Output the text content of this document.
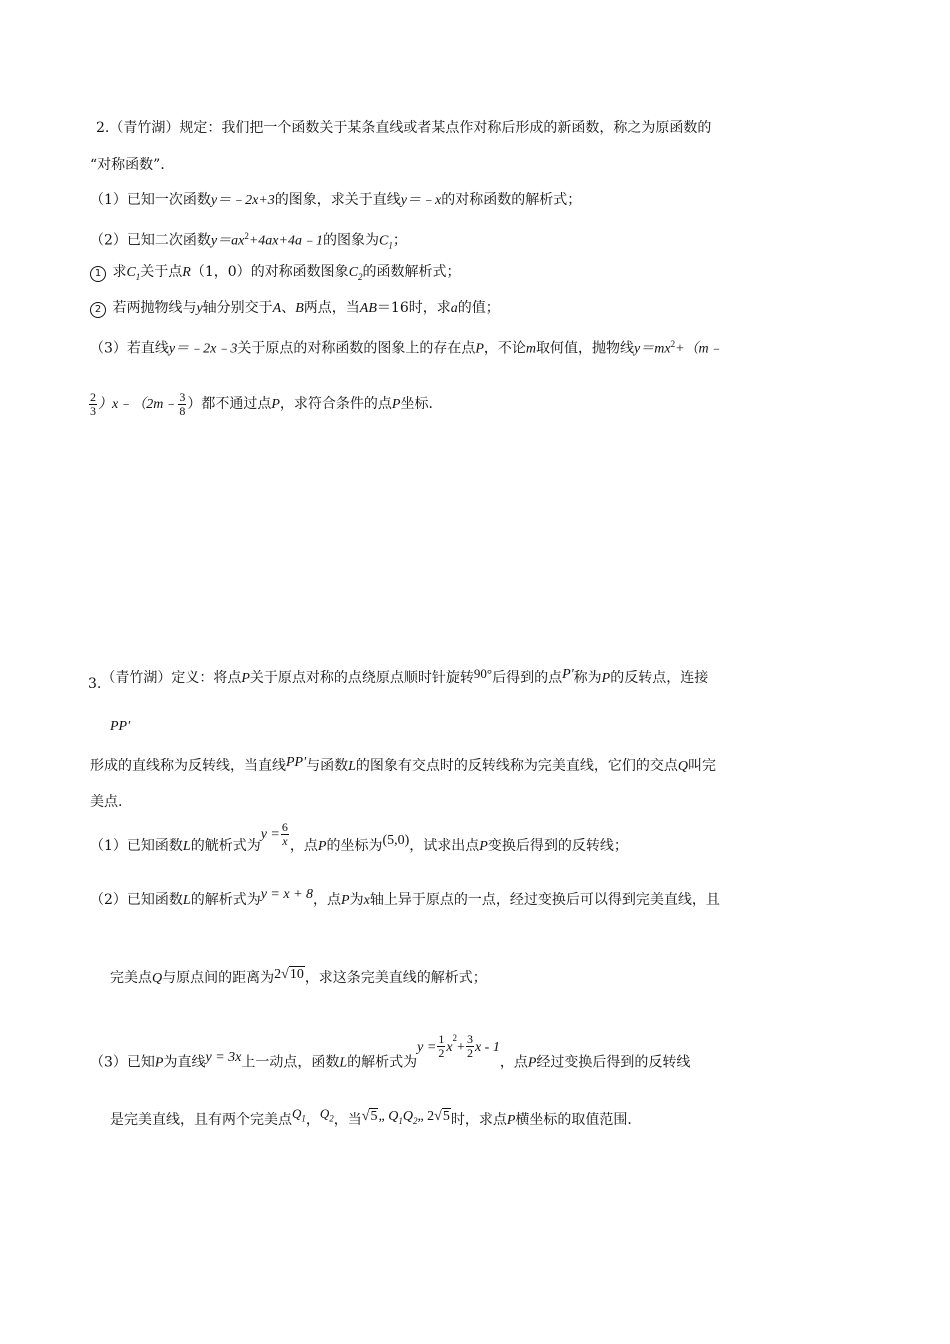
2.（青竹湖）规定：我们把一个函数关于某条直线或者某点作对称后形成的新函数，称之为原函数的
“对称函数”．
（1）已知一次函数y＝﹣2x+3的图象，求关于直线y＝﹣x的对称函数的解析式；
（2）已知二次函数$y=ax^2+4ax+4a﹣1$的图象为$C_1$；
1 求$C_1$关于点R（1，0）的对称函数图象$C_2$的函数解析式；
2 若两抛物线与y轴分别交于A、B两点，当AB＝16时，求a的值；
（3）若直线y＝﹣2x﹣3关于原点的对称函数的图象上的存在点P，不论m取何值，抛物线$y=mx^2+(m﹣$
$\frac{2}{3}$ ）x﹣（2m﹣ $\frac{3}{8}$ ）都不通过点P，求符合条件的点P坐标．
3.（青竹湖）定义：将点P关于原点对称的点绕原点顺时针旋转90°后得到的点P'称为P的反转点，连接
PP'
形成的直线称为反转线，当直线PP'与函数L的图象有交点时的反转线称为完美直线，它们的交点Q叫完
美点.
（1）已知函数L的觥析式为$y = \frac{6}{x}$ ，点P的坐标为(5,0)，试求出点P变换后得到的反转线；
（2）已知函数L的解析式为y = x + 8，点P为x轴上异于原点的一点，经过变换后可以得到完美直线，且
完美点Q与原点间的距离为2√10，求这条完美直线的解析式；
（3）已知P为直线y = 3x上一动点，函数L的解析式为$y = \frac{1}{2} x^2+ \frac{3}{2}$ x - 1，点P经过变换后得到的反转线
是完美直线，且有两个完美点$Q_1$，$Q_2$，当√5„ $Q_1Q_2„$ 2√5时，求点P横坐标的取值范围.
